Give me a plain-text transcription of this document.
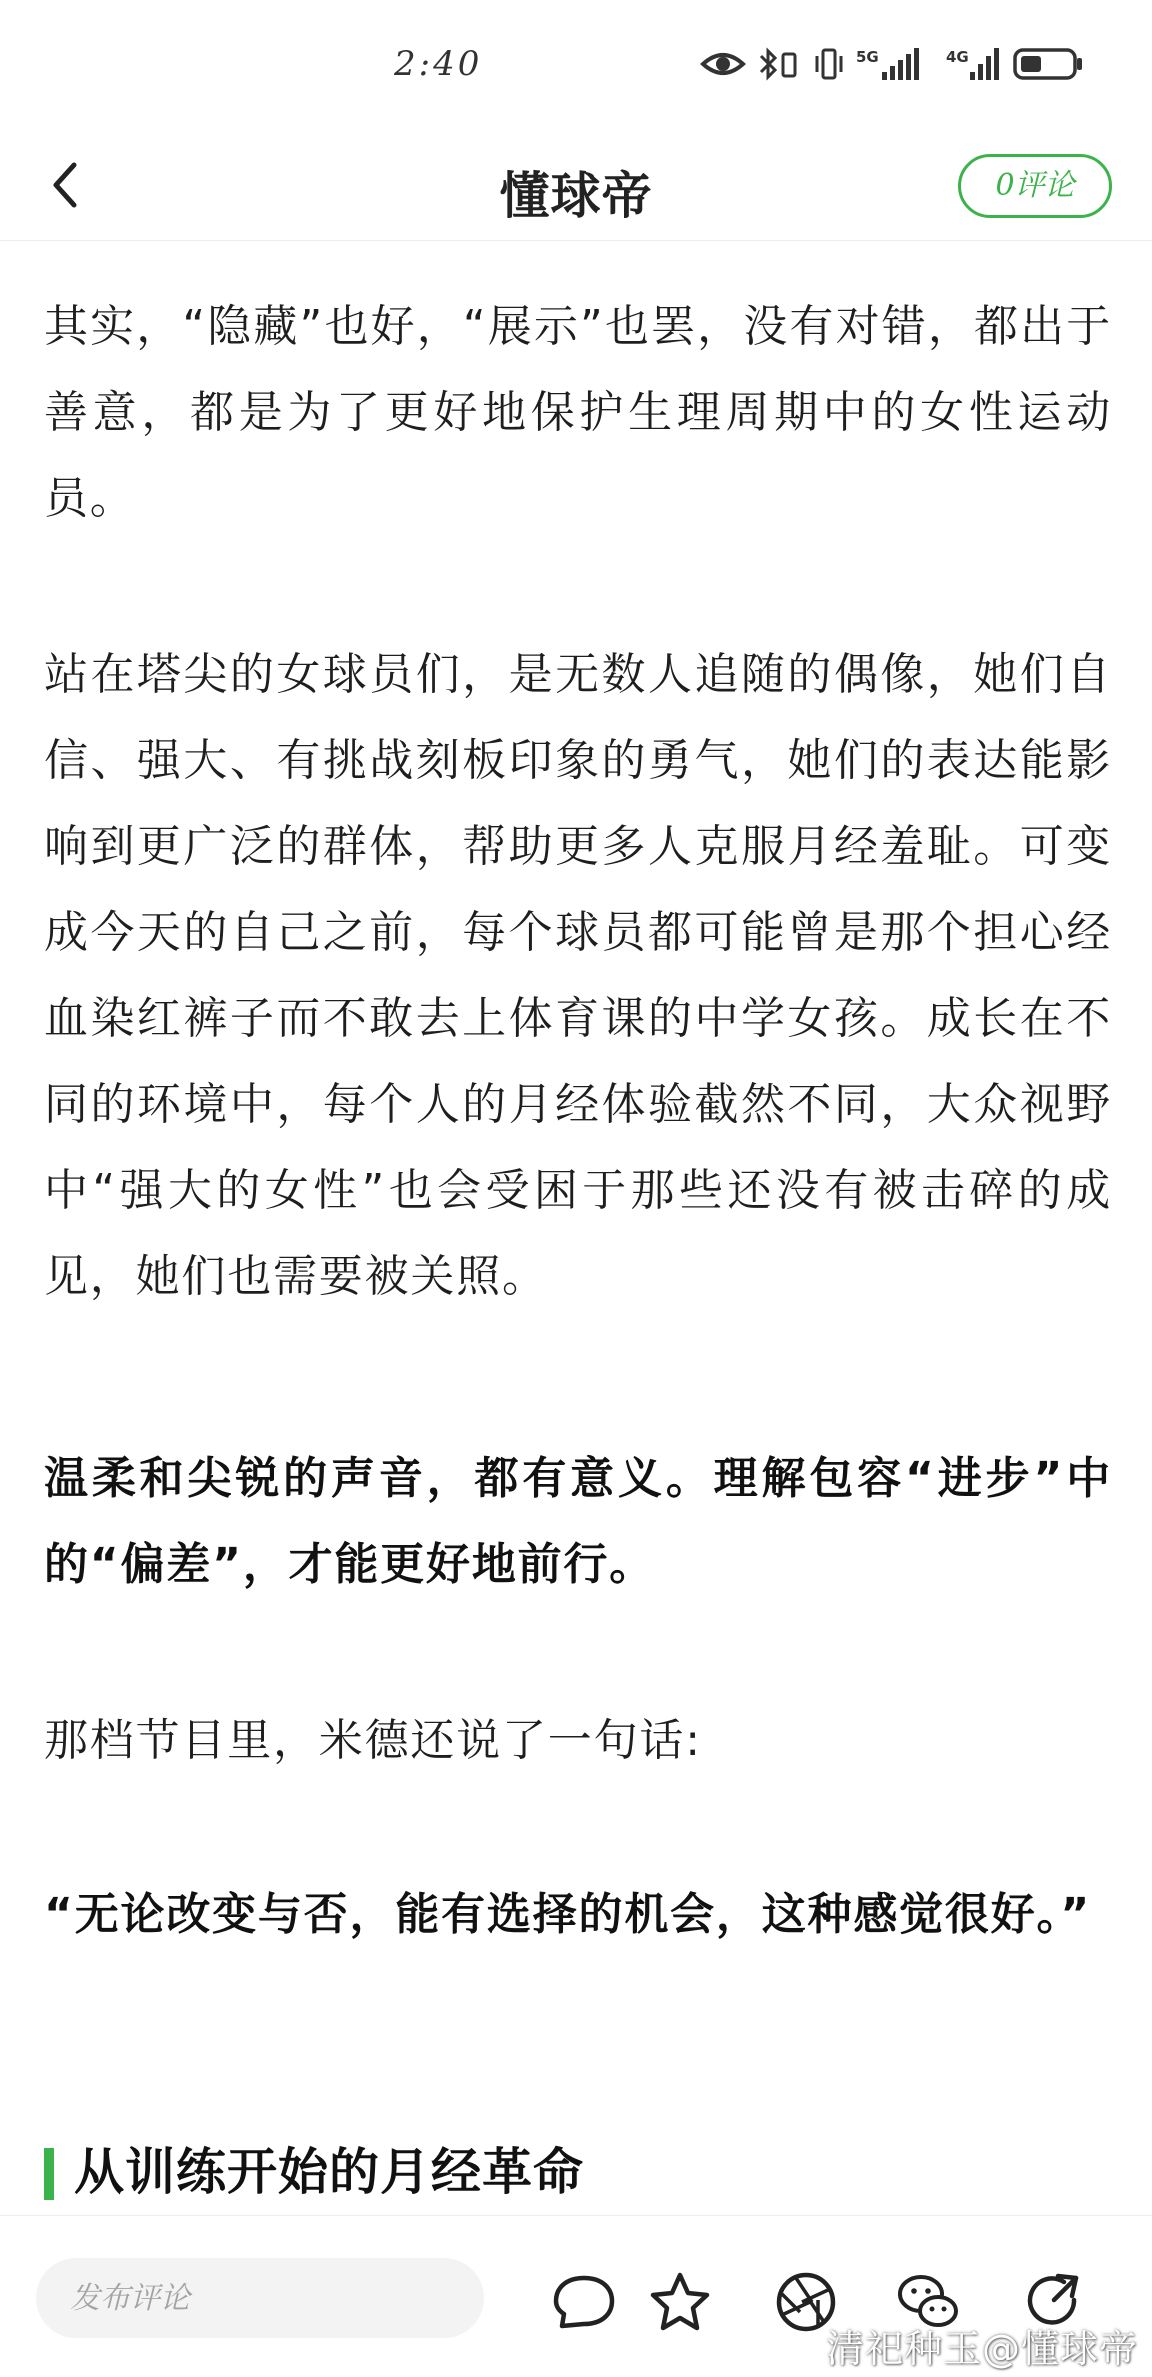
2:40	5G	4G
懂球帝	0评论

其实，“隐藏”也好，“展示”也罢，没有对错，都出于善意，都是为了更好地保护生理周期中的女性运动员。

站在塔尖的女球员们，是无数人追随的偶像，她们自信、强大、有挑战刻板印象的勇气，她们的表达能影响到更广泛的群体，帮助更多人克服月经羞耻。可变成今天的自己之前，每个球员都可能曾是那个担心经血染红裤子而不敢去上体育课的中学女孩。成长在不同的环境中，每个人的月经体验截然不同，大众视野中“强大的女性”也会受困于那些还没有被击碎的成见，她们也需要被关照。

温柔和尖锐的声音，都有意义。理解包容“进步”中的“偏差”，才能更好地前行。

那档节目里，米德还说了一句话:

“无论改变与否，能有选择的机会，这种感觉很好。”

从训练开始的月经革命
发布评论
清祀种玉@懂球帝
